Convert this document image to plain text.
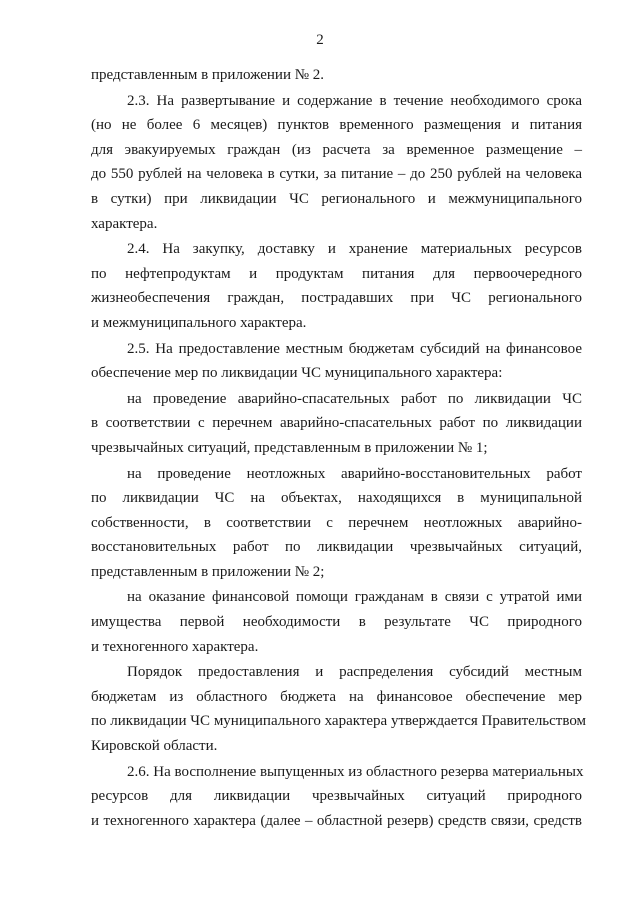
2
представленным в приложении № 2.
2.3. На развертывание и содержание в течение необходимого срока
(но не более 6 месяцев) пунктов временного размещения и питания
для эвакуируемых граждан (из расчета за временное размещение –
до 550 рублей на человека в сутки, за питание – до 250 рублей на человека
в сутки) при ликвидации ЧС регионального и межмуниципального
характера.
2.4. На закупку, доставку и хранение материальных ресурсов
по нефтепродуктам и продуктам питания для первоочередного
жизнеобеспечения граждан, пострадавших при ЧС регионального
и межмуниципального характера.
2.5. На предоставление местным бюджетам субсидий на финансовое
обеспечение мер по ликвидации ЧС муниципального характера:
на проведение аварийно-спасательных работ по ликвидации ЧС
в соответствии с перечнем аварийно-спасательных работ по ликвидации
чрезвычайных ситуаций, представленным в приложении № 1;
на проведение неотложных аварийно-восстановительных работ
по ликвидации ЧС на объектах, находящихся в муниципальной
собственности, в соответствии с перечнем неотложных аварийно-
восстановительных работ по ликвидации чрезвычайных ситуаций,
представленным в приложении № 2;
на оказание финансовой помощи гражданам в связи с утратой ими
имущества первой необходимости в результате ЧС природного
и техногенного характера.
Порядок предоставления и распределения субсидий местным
бюджетам из областного бюджета на финансовое обеспечение мер
по ликвидации ЧС муниципального характера утверждается Правительством
Кировской области.
2.6. На восполнение выпущенных из областного резерва материальных
ресурсов для ликвидации чрезвычайных ситуаций природного
и техногенного характера (далее – областной резерв) средств связи, средств
